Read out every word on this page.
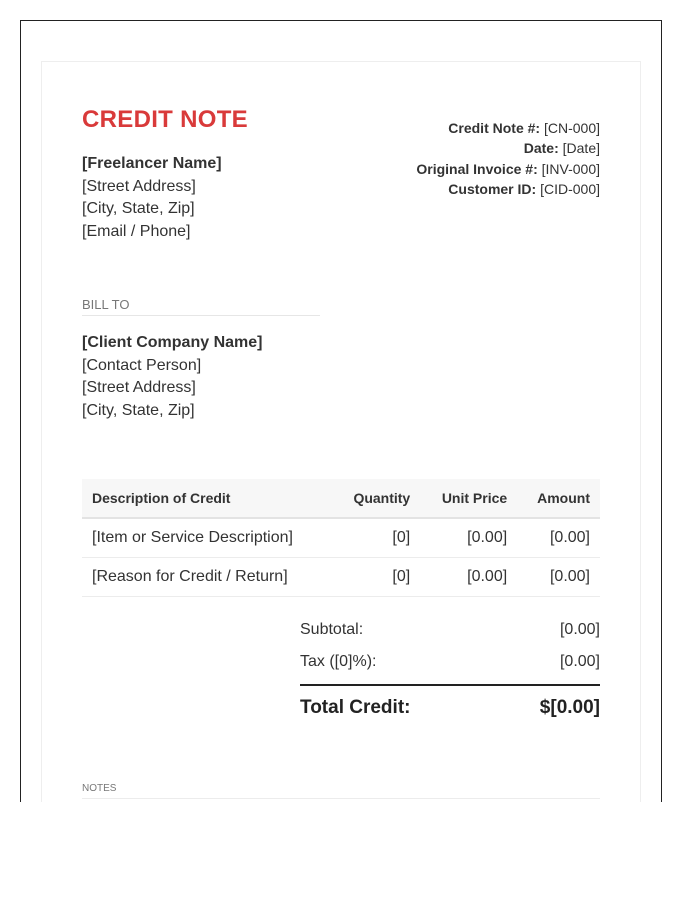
CREDIT NOTE
[Freelancer Name]
[Street Address]
[City, State, Zip]
[Email / Phone]
Credit Note #: [CN-000]
Date: [Date]
Original Invoice #: [INV-000]
Customer ID: [CID-000]
BILL TO
[Client Company Name]
[Contact Person]
[Street Address]
[City, State, Zip]
Description of Credit	Quantity	Unit Price	Amount
[Item or Service Description]	[0]	[0.00]	[0.00]
[Reason for Credit / Return]	[0]	[0.00]	[0.00]
Subtotal:	[0.00]
Tax ([0]%):	[0.00]
Total Credit:	$[0.00]
NOTES
